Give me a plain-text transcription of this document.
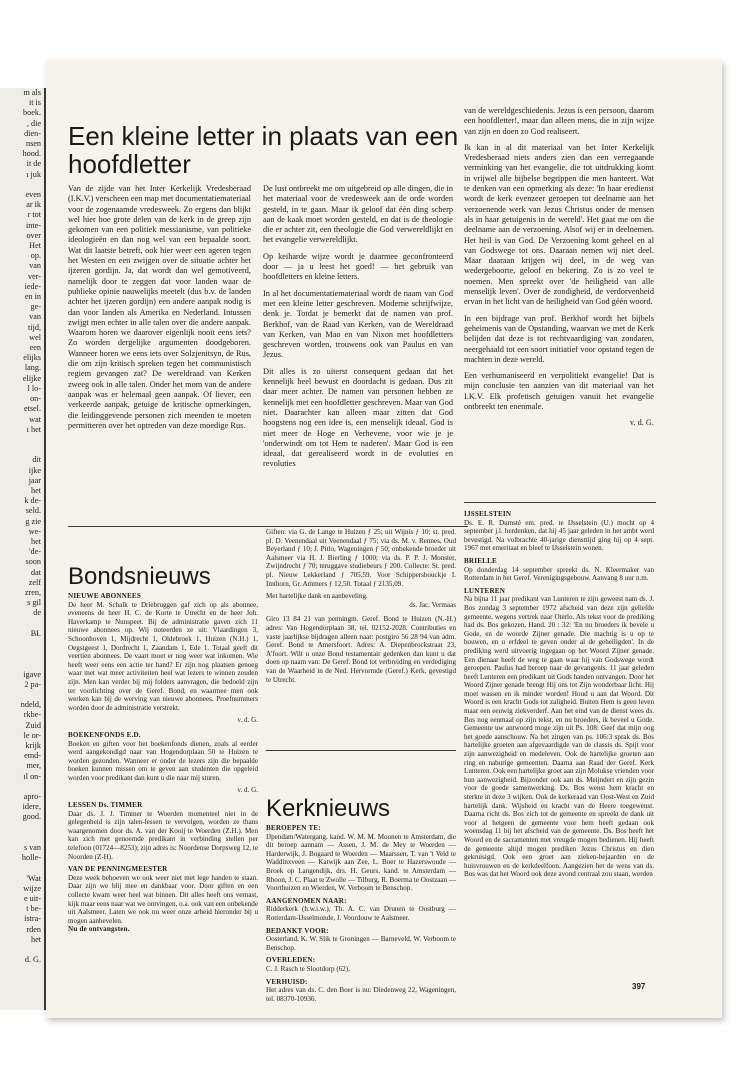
m als
it is
boek.
, die
dien-
nsen
hood.
it de
ı juk

even
ar ik
r tot
inte-
over
Het
op.
van
ver-
iede-
en in
ge-
van
tijd,
wel
een
elijks
lang.
elijke
l lo-
on-
etsel.
wat
ı het

dit
ijke
jaar
het
k de-
seld.
g zie
we-
het
'de-
soon
dat
zelf
zren,
s gil
de

BI.

igave
2 pa-

ndeld,
rkbe-
Zuid
le or-
krijk
emd-
mer,
ıl on-

apro-
idere,
good.

s van
holle-

'Wat
wijze
e uit-
t be-
istra-
rden
het

d. G.
Een kleine letter in plaats van een hoofdletter

Van de zijde van het Inter Kerkelijk Vredesberaad (I.K.V.) verscheen een map met documentatiemateriaal voor de zogenaamde vredesweek. Zo ergens dan blijkt wel hier hoe grote delen van de kerk in de greep zijn gekomen van een politiek messianisme, van politieke ideologieën en dan nog wel van een bepaalde soort. Wat dit laatste betreft, ook hier weer een ageren tegen het Westen en een zwijgen over de situatie achter het ijzeren gordijn. Ja, dat wordt dan wel gemotiveerd, namelijk door te zeggen dat voor landen waar de publieke opinie nauwelijks meetelt (dus b.v. de landen achter het ijzeren gordijn) een andere aanpak nodig is dan voor landen als Amerika en Nederland. Intussen zwijgt men echter in alle talen over die andere aanpak. Waarom horen we daarover eigenlijk nooit eens iets? Zo worden dergelijke argumenten doodgeboren. Wanneer horen we eens iets over Solzjenitsyn, de Rus, die om zijn kritisch spreken tegen het communistisch regiem gevangen zat? De wereldraad van Kerken zweeg ook in alle talen. Onder het mom van de andere aanpak was er helemaal geen aanpak. Of liever, een verkeerde aanpak, getuige de kritische opmerkingen, die leidinggevende personen zich meenden te moeten permitteren over het optreden van deze moedige Rus.

De lust ontbreekt me om uitgebreid op alle dingen, die in het materiaal voor de vredesweek aan de orde worden gesteld, in te gaan. Maar ik geloof dat één ding scherp aan de kaak moet worden gesteld, en dat is de theologie die er achter zit, een theologie die God verwereldlijkt en het evangelie verwereldlijkt.

Op keiharde wijze wordt je daarmee geconfronteerd door — ja u leest het goed! — het gebruik van hoofdletters en kleine letters.

In al het documentatiemateriaal wordt de naam van God met een kleine letter geschreven. Moderne schrijfwijze, denk je. Totdat je bemerkt dat de namen van prof. Berkhof, van de Raad van Kerken, van de Wereldraad van Kerken, van Mao en van Nixon met hoofdletters geschreven worden, trouwens ook van Paulus en van Jezus.

Dit alles is zo uiterst consequent gedaan dat het kennelijk heel bewust en doordacht is gedaan. Dus zit daar meer achter. De namen van personen hebben ze kennelijk met een hoofdletter geschreven. Maar van God niet. Daarachter kan alleen maar zitten dat God hoogstens nog een idee is, een menselijk ideaal. God is niet meer de Hoge en Verhevene, voor wie je je 'onderwindt om tot Hem te naderen'. Maar God is een ideaal, dat gerealiseerd wordt in de evoluties en revoluties

van de wereldgeschiedenis. Jezus is een persoon, daarom een hoofdletter!, maar dan alleen mens, die in zijn wijze van zijn en doen zo God realiseert.

Ik kan in al dit materiaal van het Inter Kerkelijk Vredesberaad niets anders zien dan een verregaande verminking van het evangelie, die tot uitdrukking komt in vrijwel alle bijbelse begrippen die men hanteert. Wat te denken van een opmerking als deze: 'In haar eredienst wordt de kerk evenzeer geroepen tot deelname aan het verzoenende werk van Jezus Christus onder de mensen als in haar getuigenis in de wereld'. Het gaat me om die deelname aan de verzoening. Alsof wij er in deelnemen. Het heil is van God. De Verzoening komt geheel en al van Godswege tot ons. Daaraan nemen wij niet deel. Maar daaraan krijgen wij deel, in de weg van wedergeboorte, geloof en bekering. Zo is zo veel te noemen. Men spreekt over 'de heiligheid van alle menselijk leven'. Over de zondigheid, de verdorvenheid ervan in het licht van de heiligheid van God géén woord.

In een bijdrage van prof. Berkhof wordt het bijbels geheimenis van de Opstanding, waarvan we met de Kerk belijden dat deze is tot rechtvaardiging van zondaren, neergehaald tot een soort initiatief voor opstand tegen de machten in deze wereld.

Een verhumaniseerd en verpolitiekt evangelie! Dat is mijn conclusie ten aanzien van dit materiaal van het I.K.V. Elk profetisch getuigen vanuit het evangelie ontbreekt ten enenmale.

v. d. G.
Bondsnieuws
NIEUWE ABONNEES

De heer M. Schalk te Driebruggen gaf zich op als abonnee, eveneens de heer H. C. de Korte te Utrecht en de heer Joh. Haverkamp te Nunspeet. Bij de administratie gaven zich 11 nieuwe abonnees op. Wij noteerden ze uit: Vlaardingen 3, Schoonhoven 1, Mijdrecht 1, Oldebroek 1, Huizen (N.H.) 1, Oegstgeest 1, Dordrecht 1, Zaandam 1, Ede 1. Totaal geeft dit veertien abonnees. De vaart moet er nog weer wat inkomen. Wie heeft weer eens een actie ter hand? Er zijn nog plaatsen genoeg waar met wat meer activiteiten heel wat lezers te winnen zouden zijn. Men kan verder bij mij folders aanvragen, die bedoeld zijn ter voorlichting over de Geref. Bond, en waarmee men ook werken kan bij de werving van nieuwe abonnees. Proefnummers worden door de administratie verstrekt.

v. d. G.
BOEKENFONDS E.D.

Boeken en giften voor het boekenfonds dienen, zoals al eerder werd aangekondigd naar van Hogendorplaan 50 te Huizen te worden gezonden. Wanneer er onder de lezers zijn die bepaalde boeken kunnen missen om te geven aan studenten die opgeleid worden voor predikant dan kunt u die naar mij sturen.

v. d. G.
LESSEN Ds. TIMMER

Daar ds. J. J. Timmer te Woerden momenteel niet in de gelegenheid is zijn talen-lessen te vervolgen, worden ze thans waargenomen door ds. A. van der Kooij te Woerden (Z.H.). Men kan zich met genoemde predikant in verbinding stellen per telefoon (01724—8253); zijn adres is: Noordense Dorpsweg 12, te Noorden (Z-H).

VAN DE PENNINGMEESTER

Deze week behoeven we ook weer niet met lege handen te staan. Daar zijn we blij mee en dankbaar voor. Door giften en een collecte kwam weer heel wat binnen. Dit alles heeft ons vernast, kijk maar eens naar wat we ontvingen, o.a. ook van een onbekende uit Aalsmeer. Laten we ook nu weer onze arbeid hieronder bij u mogen aanbevelen.

Nu de ontvangsten.

Giften: via G. de Lange te Huizen ƒ 25; uit Wijnis ƒ 10; st. pred. pl. D. Veenendaal uit Veenendaal ƒ 75; via ds. M. v. Rennes, Oud Beyerland ƒ 10; J. Pitlo, Wageningen ƒ 50; onbekende broeder uit Aalsmeer via H. J. Bierling ƒ 1000; via ds. P. P. J. Monster, Zwijndrecht ƒ 70; teruggave studiebeurs ƒ 200. Collecte: St. pred. pl. Nieuw Lekkerland ƒ 705,59. Voor Schippersbouckje I. Imthorn, Gr. Ammers ƒ 12,50. Totaal ƒ 2135,09.

Met hartelijke dank en aanbeveling.

ds. Jac. Vermaas

Giro 13 84 21 van penningm. Geref. Bond te Huizen (N.-H.) adres: Van Hogendorplaan 38, tel. 02152-2028. Contributies en vaste jaarlijkse bijdragen alleen naar: postgiro 56 28 94 van adm. Geref. Bond te Amersfoort. Adres: A. Diepenbrockstraat 23, A'foort. Wilt u onze Bond testamentair gedenken dan kunt u dat doen op naam van: De Geref. Bond tot verbreiding en verdediging van de Waarheid in de Ned. Hervormde (Geref.) Kerk, gevestigd te Utrecht.

Kerknieuws
BEROEPEN TE:

IJpendam/Watergang, kand. W. M. M. Moonen te Amsterdam, die dit beroep aannam — Assen, J. M. de Mey te Woerden — Harderwijk, J. Bogaard te Woerden — Maarssen, T. van 't Veld te Waddinxveen — Katwijk aan Zee, L. Boer te Hazerswoude — Broek op Langendijk, drs. H. Geurs, kand. te Amsterdam — Rhoon, J. C. Plaat te Zwolle — Tilburg, R. Boerma te Oostzaan — Voorthuizen en Wierden, W. Verboom te Benschop.

AANGENOMEN NAAR:

Ridderkerk (h.w.i.w.), Th. A. C. van Drunen te Oostburg — Rotterdam-IJsselmonde, J. Voordouw te Aalsmeer.

BEDANKT VOOR:

Oosterland, K. W. Slik te Groningen — Barneveld, W. Verboom te Benschop.

OVERLEDEN:

C. J. Rasch te Slootdorp (62).

VERHUISD:

Het adres van ds. C. den Boer is nu: Diedenweg 22, Wageningen, tel. 08370-10936.

IJSSELSTEIN

Ds. E. R. Dumstè em. pred. te IJsselstein (U.) mocht op 4 september j.l. herdenken, dat hij 45 jaar geleden in het ambt werd bevestigd. Na volbrachte 40-jarige diensttijd ging hij op 4 sept. 1967 met emeritaat en bleef te IJsselstein wonen.

BRIELLE

Op donderdag 14 september spreekt ds. N. Kleermaker van Rotterdam in het Geref. Verenigingsgebouw. Aanvang 8 uur n.m.

LUNTEREN

Na bijna 11 jaar predikant van Lunteren te zijn geweest nam ds. J. Bos zondag 3 september 1972 afscheid van deze zijn geliefde gemeente, wegens vertrek naar Oterlo. Als tekst voor de prediking had ds. Bos gekozen, Hand. 20 : 32: 'En nu broeders ik bevele u Gode, en de woorde Zijner genade. Die machtig is u op te bouwen, en u erfdeel te geven onder al de geheiligden'. In de prediking werd uitvoerig ingegaan op het Woord Zijner genade. Een dienaar heeft de weg te gaan waar hij van Godswege wordt geroepen. Paulus had beroep naar de gevangenis. 11 jaar geleden heeft Lunteren een predikant uit Gods handen ontvangen. Door het Woord Zijner genade brengt Hij ons tot Zijn wonderbaar licht. Hij moet wassen en ik minder worden! Houd u aan dat Woord. Dit Woord is een kracht Gods tot zaligheid. Buiten Hem is geen leven maar een eeuwig ziekverderf. Aan het eind van de dienst wees ds. Bos nog eenmaal op zijn tekst, en nu broeders, ik beveel u Gode. Gemeente uw antwoord moge zijn uit Ps. 108: Geef dat mijn oog het goede aanschouw. Na het zingen van ps. 106:3 sprak ds. Bos hartelijke groeten aan afgevaardigde van de classis ds. Spijt voor zijn aanwezigheid en medeleven. Ook de hartelijke groeten aan ring en naburige gemeenten. Daarna aan Raad der Geref. Kerk Lunteren. Ook een hartelijke groet aan zijn Molukse vrienden voor hun aanwezigheid. Bijzonder ook aan ds. Meijndert en zijn gezin voor de goede samenwerking. Ds. Bos wenst hem kracht en sterkte in deze 3 wijken. Ook de kerkeraad van Oost-West en Zuid hartelijk dank. Wijsheid en kracht van de Heere toegewenst. Daarna richt ds. Bos zich tot de gemeente en spreekt de dank uit voor al hetgeen de gemeente voor hem heeft gedaan ook woensdag 11 bij het afscheid van de gemeente. Ds. Bos heeft het Woord en de sacramenten met vreugde mogen bedienen. Hij heeft de gemeente altijd mogen prediken Jezus Christus en dien gekruisigd. Ook een groet aan zieken-bejaarden en de huisvrouwen en de kerkdeelfoon. Aangezien het de wens van ds. Bos was dat het Woord ook deze avond centraal zou staan, werden

397
